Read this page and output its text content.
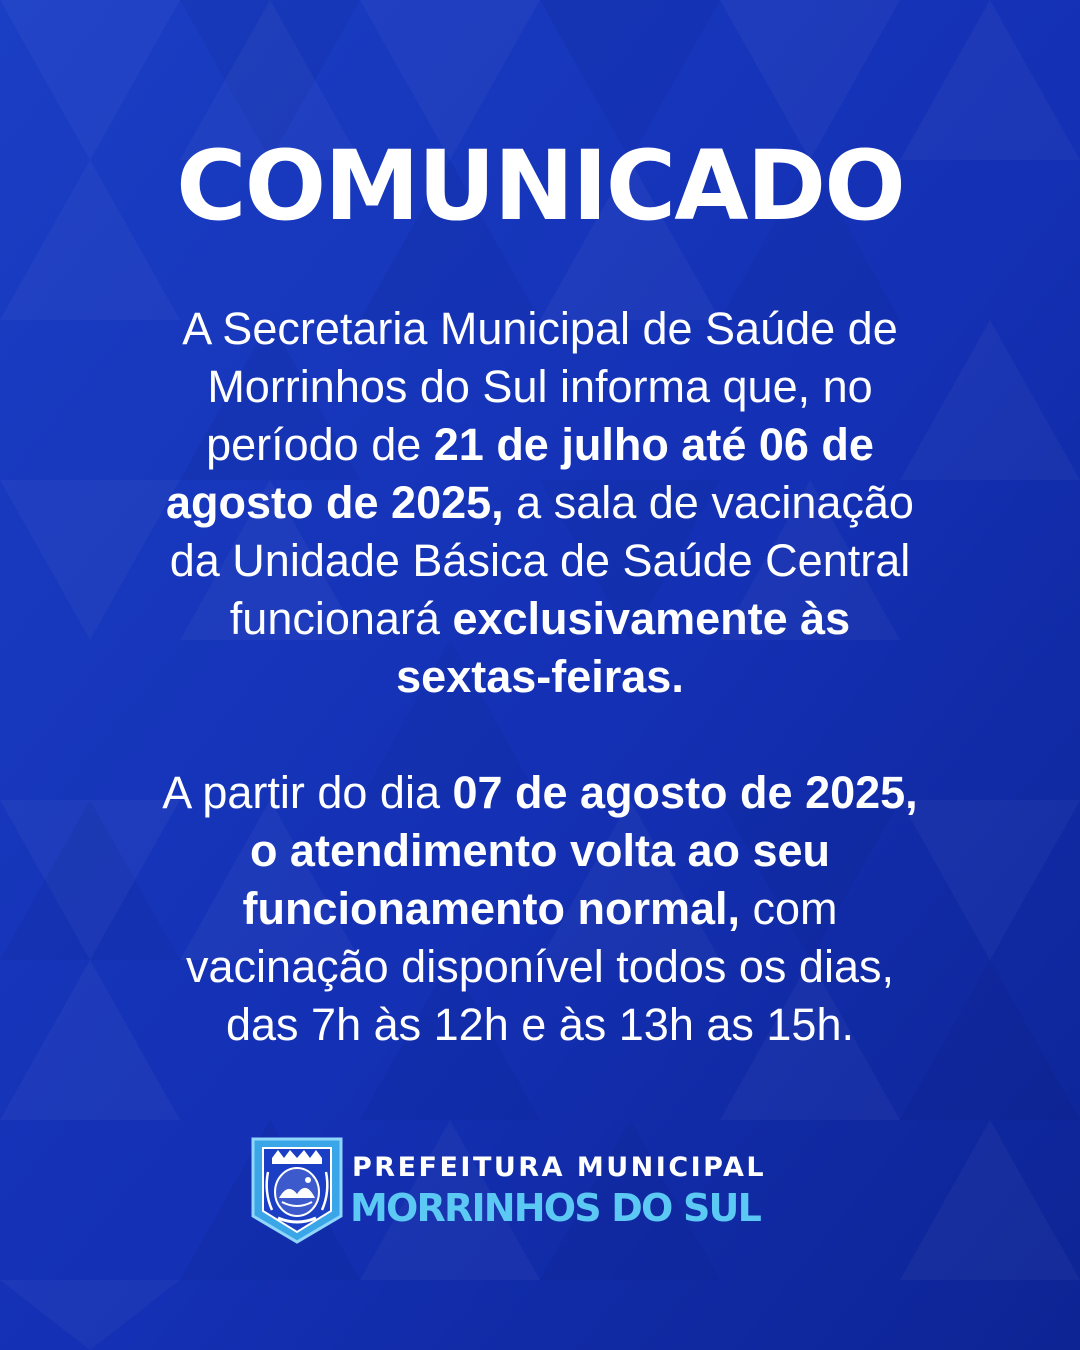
COMUNICADO

A Secretaria Municipal de Saúde de
Morrinhos do Sul informa que, no
período de 21 de julho até 06 de
agosto de 2025, a sala de vacinação
da Unidade Básica de Saúde Central
funcionará exclusivamente às
sextas-feiras.

A partir do dia 07 de agosto de 2025,
o atendimento volta ao seu
funcionamento normal, com
vacinação disponível todos os dias,
das 7h às 12h e às 13h as 15h.

PREFEITURA MUNICIPAL
MORRINHOS DO SUL
